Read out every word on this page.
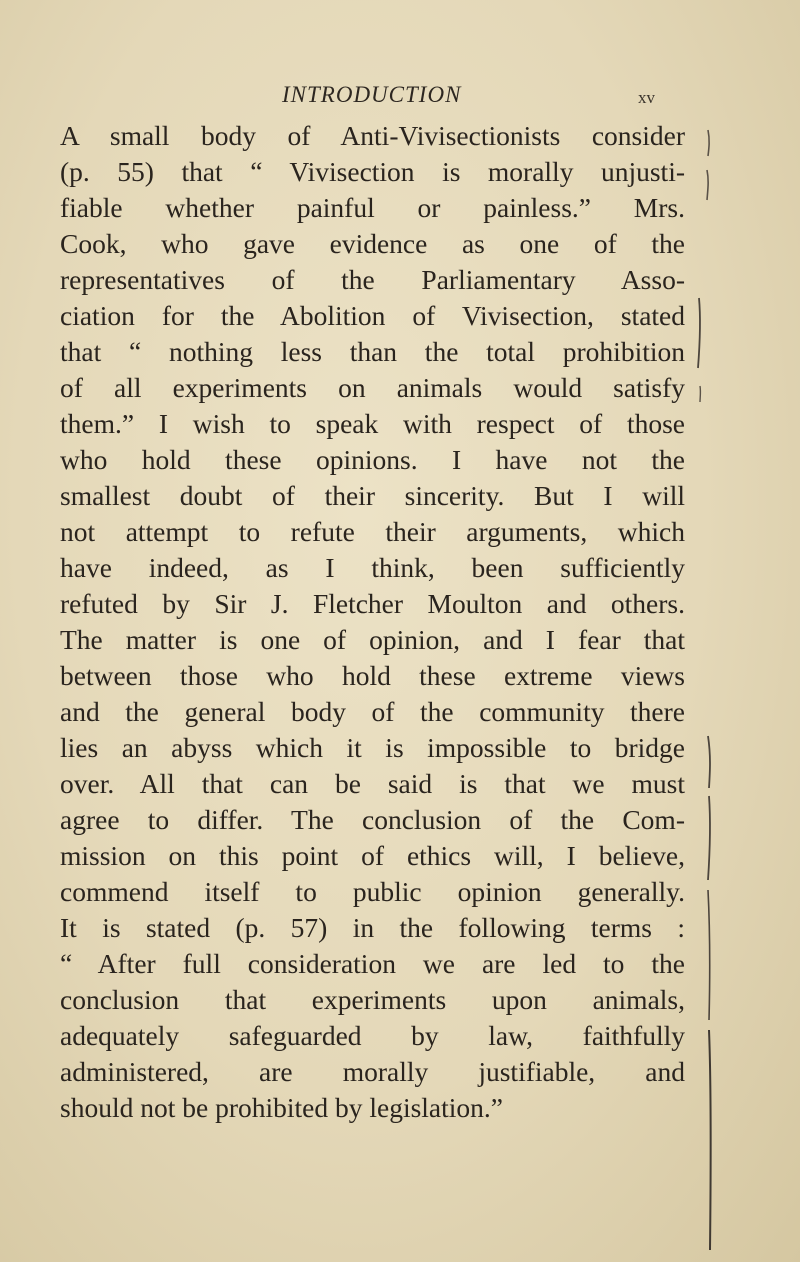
INTRODUCTION	xv
A small body of Anti-Vivisectionists consider
(p. 55) that “ Vivisection is morally unjusti-
fiable whether painful or painless.” Mrs.
Cook, who gave evidence as one of the
representatives of the Parliamentary Asso-
ciation for the Abolition of Vivisection, stated
that “ nothing less than the total prohibition
of all experiments on animals would satisfy
them.” I wish to speak with respect of those
who hold these opinions. I have not the
smallest doubt of their sincerity. But I will
not attempt to refute their arguments, which
have indeed, as I think, been sufficiently
refuted by Sir J. Fletcher Moulton and others.
The matter is one of opinion, and I fear that
between those who hold these extreme views
and the general body of the community there
lies an abyss which it is impossible to bridge
over. All that can be said is that we must
agree to differ. The conclusion of the Com-
mission on this point of ethics will, I believe,
commend itself to public opinion generally.
It is stated (p. 57) in the following terms :
“ After full consideration we are led to the
conclusion that experiments upon animals,
adequately safeguarded by law, faithfully
administered, are morally justifiable, and
should not be prohibited by legislation.”
